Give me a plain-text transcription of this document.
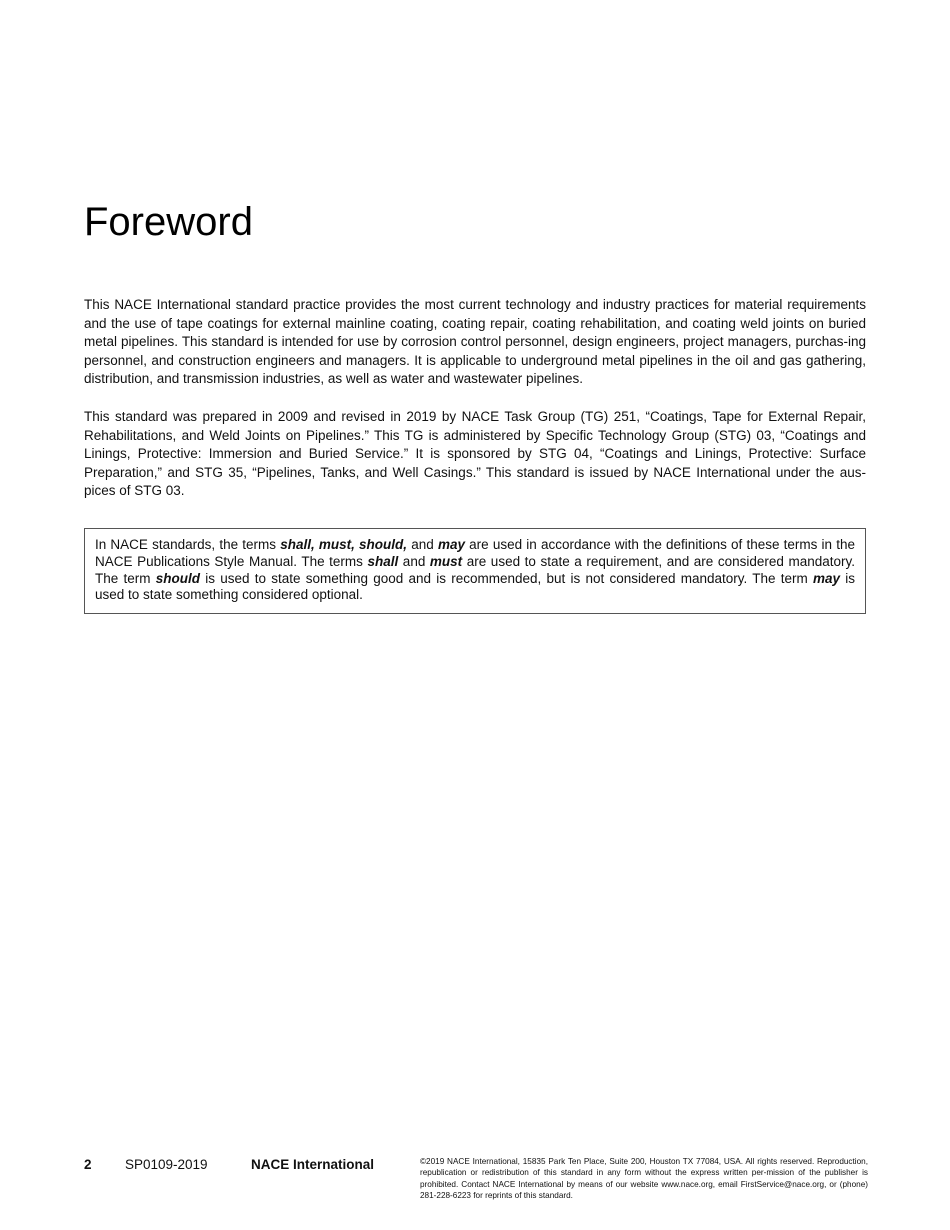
Foreword

This NACE International standard practice provides the most current technology and industry practices for material requirements and the use of tape coatings for external mainline coating, coating repair, coating rehabilitation, and coating weld joints on buried metal pipelines. This standard is intended for use by corrosion control personnel, design engineers, project managers, purchas-ing personnel, and construction engineers and managers. It is applicable to underground metal pipelines in the oil and gas gathering, distribution, and transmission industries, as well as water and wastewater pipelines.

This standard was prepared in 2009 and revised in 2019 by NACE Task Group (TG) 251, “Coatings, Tape for External Repair, Rehabilitations, and Weld Joints on Pipelines.” This TG is administered by Specific Technology Group (STG) 03, “Coatings and Linings, Protective: Immersion and Buried Service.” It is sponsored by STG 04, “Coatings and Linings, Protective: Surface Preparation,” and STG 35, “Pipelines, Tanks, and Well Casings.” This standard is issued by NACE International under the aus-pices of STG 03.

In NACE standards, the terms shall, must, should, and may are used in accordance with the definitions of these terms in the NACE Publications Style Manual. The terms shall and must are used to state a requirement, and are considered mandatory. The term should is used to state something good and is recommended, but is not considered mandatory. The term may is used to state something considered optional.
2 SP0109-2019	NACE International	©2019 NACE International, 15835 Park Ten Place, Suite 200, Houston TX 77084, USA. All rights reserved. Reproduction, republication or redistribution of this standard in any form without the express written per-mission of the publisher is prohibited. Contact NACE International by means of our website www.nace.org, email FirstService@nace.org, or (phone) 281-228-6223 for reprints of this standard.
